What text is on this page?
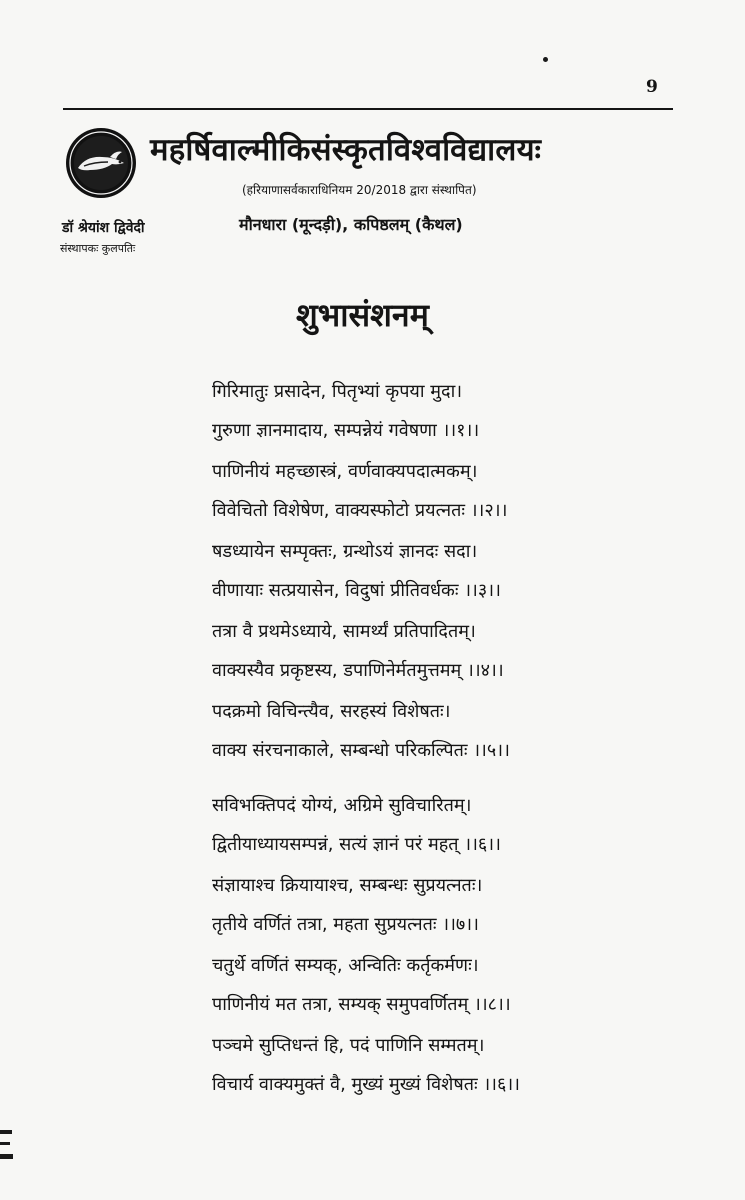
9
महर्षिवाल्मीकिसंस्कृतविश्वविद्यालयः
(हरियाणासर्वकाराधिनियम 20/2018 द्वारा संस्थापित)
डॉ श्रेयांश द्विवेदी
संस्थापकः कुलपतिः
मौनधारा (मून्दड़ी), कपिष्ठलम् (कैथल)
शुभासंशनम्
गिरिमातुः प्रसादेन, पितृभ्यां कृपया मुदा।
गुरुणा ज्ञानमादाय, सम्पन्नेयं गवेषणा ।।१।।
पाणिनीयं महच्छास्त्रं, वर्णवाक्यपदात्मकम्।
विवेचितो विशेषेण, वाक्यस्फोटो प्रयत्नतः ।।२।।
षडध्यायेन सम्पृक्तः, ग्रन्थोऽयं ज्ञानदः सदा।
वीणायाः सत्प्रयासेन, विदुषां प्रीतिवर्धकः ।।३।।
तत्रा वै प्रथमेऽध्याये, सामर्थ्यं प्रतिपादितम्।
वाक्यस्यैव प्रकृष्टस्य, डपाणिनेर्मतमुत्तमम् ।।४।।
पदक्रमो विचिन्त्यैव, सरहस्यं विशेषतः।
वाक्य संरचनाकाले, सम्बन्धो परिकल्पितः ।।५।।
सविभक्तिपदं योग्यं, अग्रिमे सुविचारितम्।
द्वितीयाध्यायसम्पन्नं, सत्यं ज्ञानं परं महत् ।।६।।
संज्ञायाश्च क्रियायाश्च, सम्बन्धः सुप्रयत्नतः।
तृतीये वर्णितं तत्रा, महता सुप्रयत्नतः ।।७।।
चतुर्थे वर्णितं सम्यक्, अन्वितिः कर्तृकर्मणः।
पाणिनीयं मत तत्रा, सम्यक् समुपवर्णितम् ।।८।।
पञ्चमे सुप्तिधन्तं हि, पदं पाणिनि सम्मतम्।
विचार्य वाक्यमुक्तं वै, मुख्यं मुख्यं विशेषतः ।।६।।
